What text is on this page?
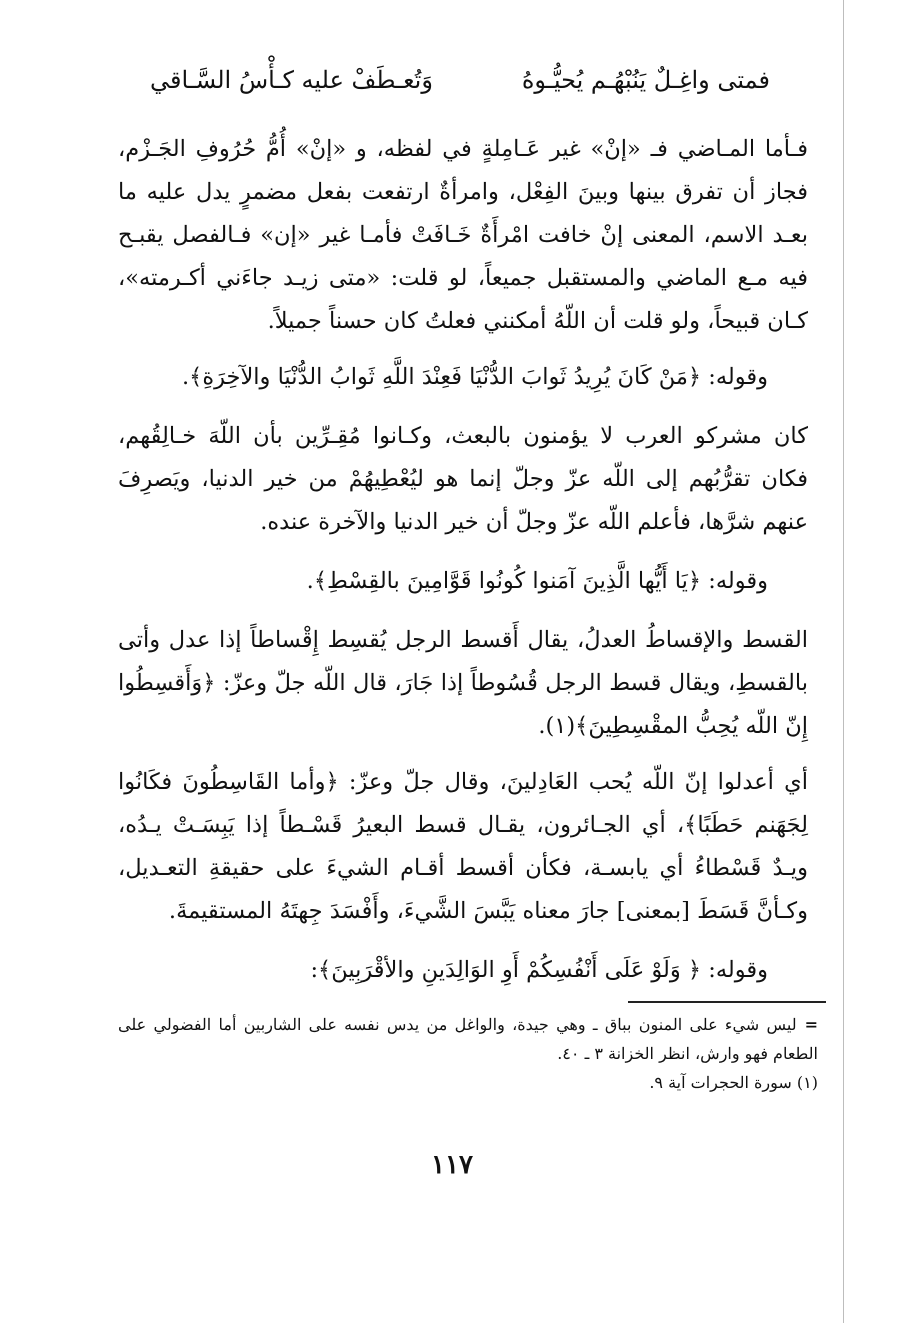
فمتى واغِـلٌ يَنُبْهُـم يُحيُّـوهُ
وَتُعـطَفْ عليه كـأْسُ السَّـاقي

فـأما المـاضي فـ «إنْ» غير عَـامِلةٍ في لفظه، و «إنْ» أُمُّ حُرُوفِ الجَـزْم، فجاز أن تفرق بينها وبينَ الفِعْل، وامرأةٌ ارتفعت بفعل مضمرٍ يدل عليه ما بعـد الاسم، المعنى إنْ خافت امْرأَةٌ خَـافَتْ فأمـا غير «إن» فـالفصل يقبـح فيه مـع الماضي والمستقبل جميعاً، لو قلت: «متى زيـد جاءَني أكـرمته»، كـان قبيحاً، ولو قلت أن اللّهُ أمكنني فعلتُ كان حسناً جميلاً.

وقوله: ﴿مَنْ كَانَ يُرِيدُ ثَوابَ الدُّنْيَا فَعِنْدَ اللَّهِ ثَوابُ الدُّنْيَا والآخِرَةِ﴾.

كان مشركو العرب لا يؤمنون بالبعث، وكـانوا مُقِـرِّين بأن اللّهَ خـالِقُهم، فكان تقرُّبُهم إلى اللّه عزّ وجلّ إنما هو ليُعْطِيهُمْ من خير الدنيا، ويَصرِفَ عنهم شرَّها، فأعلم اللّه عزّ وجلّ أن خير الدنيا والآخرة عنده.

وقوله: ﴿يَا أَيُّها الَّذِينَ آمَنوا كُونُوا قَوَّامِينَ بالقِسْطِ﴾.

القسط والإقساطُ العدلُ، يقال أَقسط الرجل يُقسِط إِقْساطاً إذا عدل وأتى بالقسطِ، ويقال قسط الرجل قُسُوطاً إذا جَارَ، قال اللّه جلّ وعزّ: ﴿وَأَقسِطُوا إِنّ اللّه يُحِبُّ المقْسِطِينَ﴾(١).

أي أعدلوا إنّ اللّه يُحب العَادِلينَ، وقال جلّ وعزّ: ﴿وأما القَاسِطُونَ فكَانُوا لِجَهَنم حَطَبًا﴾، أي الجـائرون، يقـال قسط البعيرُ قَسْـطاً إذا يَبِسَـتْ يـدُه، ويـدٌ قَسْطاءُ أي يابسـة، فكأن أقسط أقـام الشيءَ على حقيقةِ التعـديل، وكـأنَّ قَسَطَ [بمعنى] جارَ معناه يَبَّسَ الشَّيءَ، وأَفْسَدَ جِهتَهُ المستقيمةَ.

وقوله: ﴿ وَلَوْ عَلَى أَنْفُسِكُمْ أَوِ الوَالِدَينِ والأقْرَبِينَ﴾:

=ليس شيء على المنون بباق ـ وهي جيدة، والواغل من يدس نفسه على الشاربين أما الفضولي على الطعام فهو وارش، انظر الخزانة ٣ ـ ٤٠.

(١) سورة الحجرات آية ٩.

١١٧
